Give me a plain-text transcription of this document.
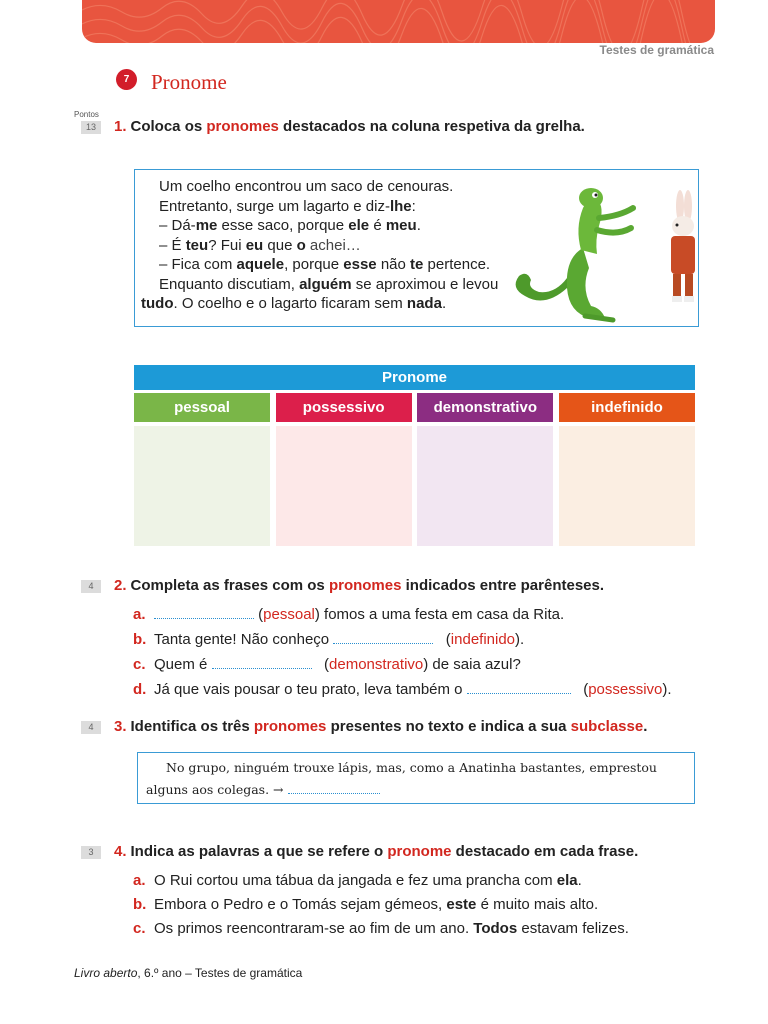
Testes de gramática
7	Pronome
Pontos
13	1. Coloca os pronomes destacados na coluna respetiva da grelha.
Um coelho encontrou um saco de cenouras.
Entretanto, surge um lagarto e diz-lhe:
– Dá-me esse saco, porque ele é meu.
– É teu? Fui eu que o achei…
– Fica com aquele, porque esse não te pertence.
Enquanto discutiam, alguém se aproximou e levou
tudo. O coelho e o lagarto ficaram sem nada.
Pronome
pessoal	possessivo	demonstrativo	indefinido
4	2. Completa as frases com os pronomes indicados entre parênteses.
a.	(pessoal) fomos a uma festa em casa da Rita.
b. Tanta gente! Não conheço	(indefinido).
c. Quem é	(demonstrativo) de saia azul?
d. Já que vais pousar o teu prato, leva também o	(possessivo).
4	3. Identifica os três pronomes presentes no texto e indica a sua subclasse.
No grupo, ninguém trouxe lápis, mas, como a Anatinha bastantes, emprestou
alguns aos colegas. →
3	4. Indica as palavras a que se refere o pronome destacado em cada frase.
a. O Rui cortou uma tábua da jangada e fez uma prancha com ela.
b. Embora o Pedro e o Tomás sejam gémeos, este é muito mais alto.
c. Os primos reencontraram-se ao fim de um ano. Todos estavam felizes.
Livro aberto, 6.º ano – Testes de gramática
